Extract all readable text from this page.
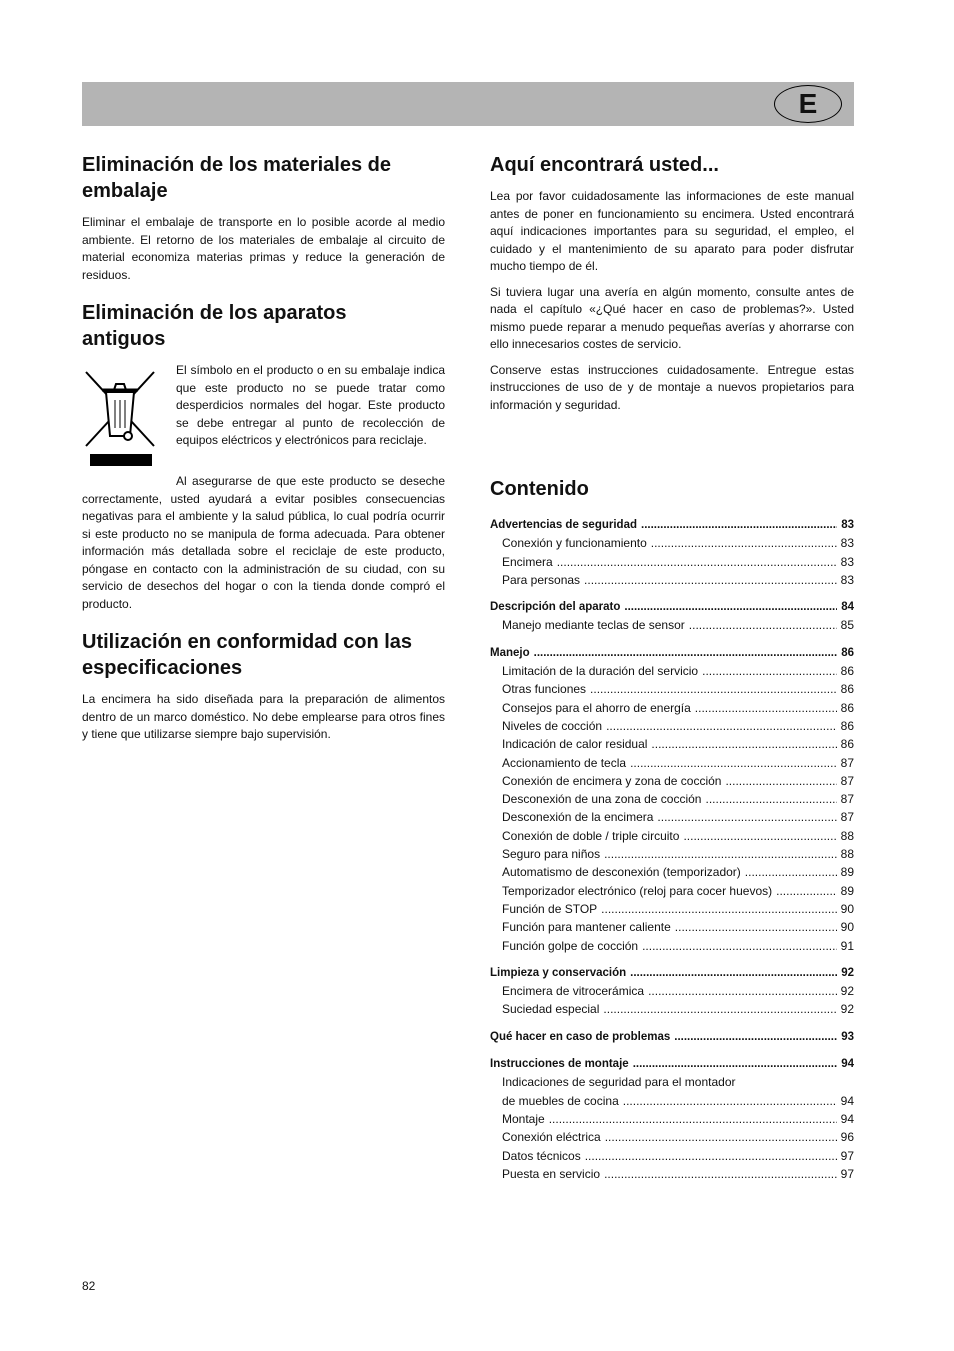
E
Eliminación de los materiales de embalaje

Eliminar el embalaje de transporte en lo posible acorde al medio ambiente. El retorno de los materiales de embalaje al circuito de material economiza materias primas y reduce la generación de residuos.

Eliminación de los aparatos antiguos

El símbolo en el producto o en su embalaje indica que este producto no se puede tratar como desperdicios normales del hogar. Este producto se debe entregar al punto de recolección de equipos eléctricos y electrónicos para reciclaje.

Al asegurarse de que este producto se deseche correctamente, usted ayudará a evitar posibles consecuencias negativas para el ambiente y la salud pública, lo cual podría ocurrir si este producto no se manipula de forma adecuada. Para obtener información más detallada sobre el reciclaje de este producto, póngase en contacto con la administración de su ciudad, con su servicio de desechos del hogar o con la tienda donde compró el producto.

Utilización en conformidad con las especificaciones

La encimera ha sido diseñada para la preparación de alimentos dentro de un marco doméstico. No debe emplearse para otros fines y tiene que utilizarse siempre bajo supervisión.

Aquí encontrará usted...

Lea por favor cuidadosamente las informaciones de este manual antes de poner en funcionamiento su encimera. Usted encontrará aquí indicaciones importantes para su seguridad, el empleo, el cuidado y el mantenimiento de su aparato para poder disfrutar mucho tiempo de él.

Si tuviera lugar una avería en algún momento, consulte antes de nada el capítulo «¿Qué hacer en caso de problemas?». Usted mismo puede reparar a menudo pequeñas averías y ahorrarse con ello innecesarios costes de servicio.

Conserve estas instrucciones cuidadosamente. Entregue estas instrucciones de uso de y de montaje a nuevos propietarios para información y seguridad.

Contenido
Advertencias de seguridad .....	83
Conexión y funcionamiento .....	83
Encimera .....	83
Para personas .....	83
Descripción del aparato .....	84
Manejo mediante teclas de sensor .....	85
Manejo .....	86
Limitación de la duración del servicio .....	86
Otras funciones .....	86
Consejos para el ahorro de energía .....	86
Niveles de cocción .....	86
Indicación de calor residual .....	86
Accionamiento de tecla .....	87
Conexión de encimera y zona de cocción .....	87
Desconexión de una zona de cocción .....	87
Desconexión de la encimera .....	87
Conexión de doble / triple circuito .....	88
Seguro para niños .....	88
Automatismo de desconexión (temporizador) .....	89
Temporizador electrónico (reloj para cocer huevos) .....	89
Función de STOP .....	90
Función para mantener caliente .....	90
Función golpe de cocción .....	91
Limpieza y conservación .....	92
Encimera de vitrocerámica .....	92
Suciedad especial .....	92
Qué hacer en caso de problemas .....	93
Instrucciones de montaje .....	94
Indicaciones de seguridad para el montador
de muebles de cocina .....	94
Montaje .....	94
Conexión eléctrica .....	96
Datos técnicos .....	97
Puesta en servicio .....	97
82
